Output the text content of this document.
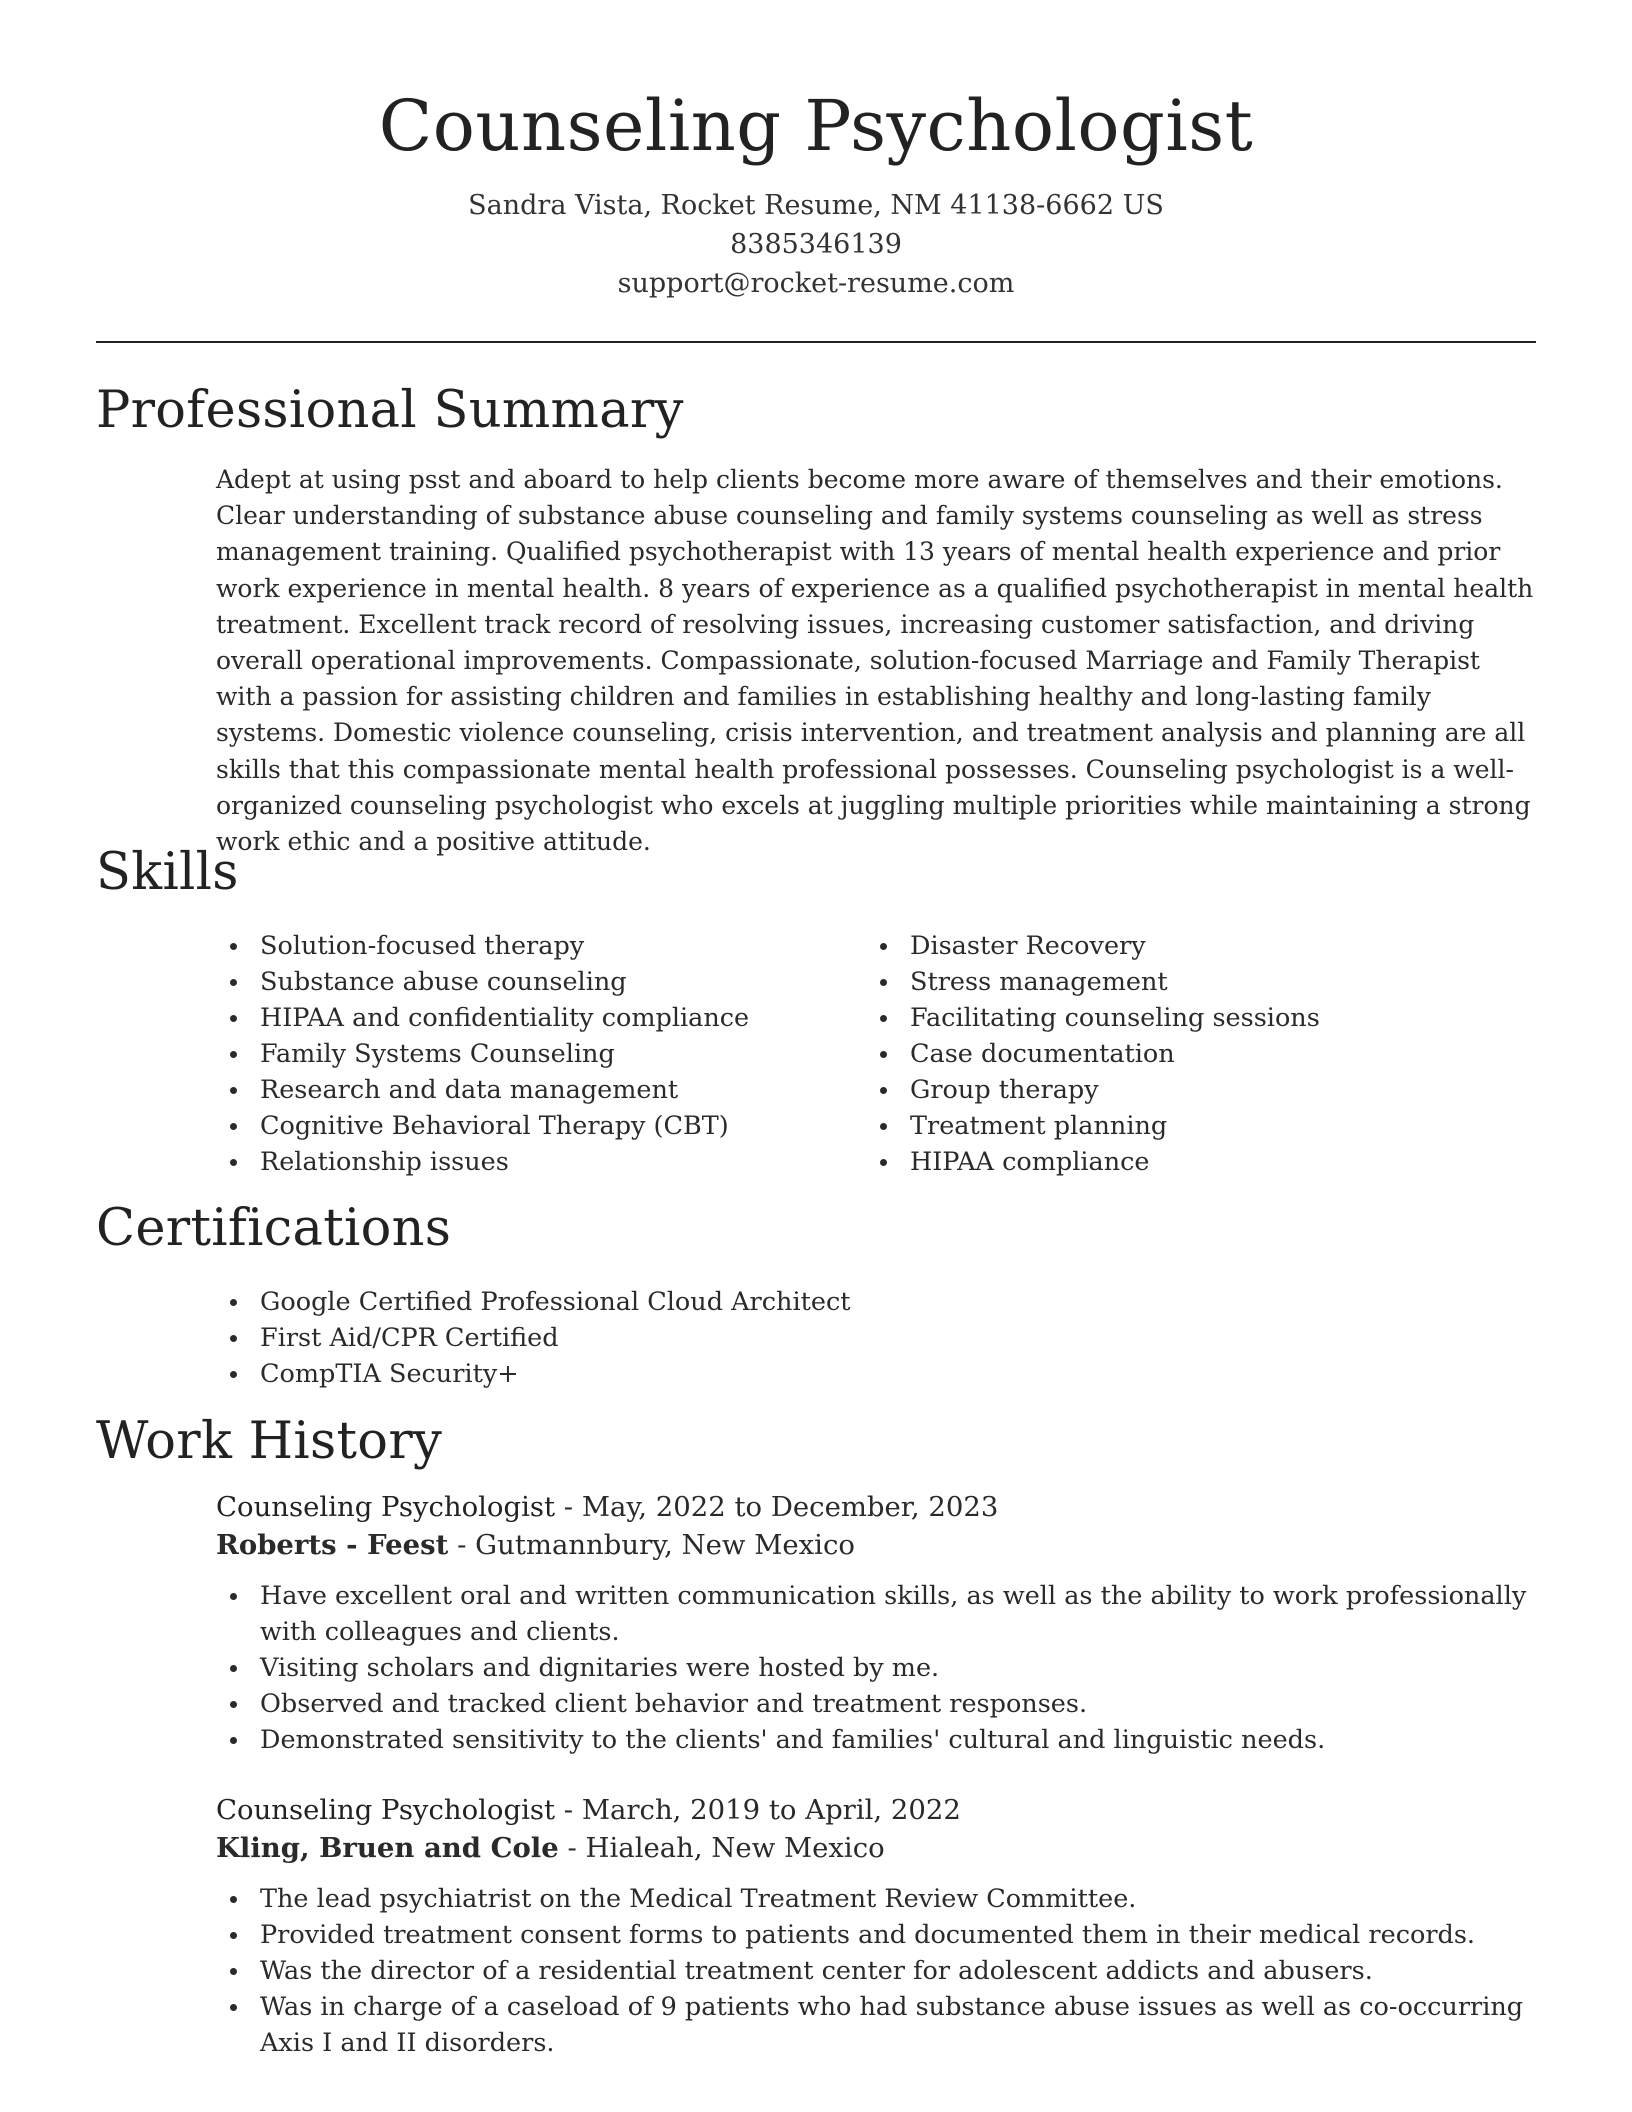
Counseling Psychologist
Sandra Vista, Rocket Resume, NM 41138-6662 US
8385346139
support@rocket-resume.com
Professional Summary

Adept at using psst and aboard to help clients become more aware of themselves and their emotions. Clear understanding of substance abuse counseling and family systems counseling as well as stress management training. Qualified psychotherapist with 13 years of mental health experience and prior work experience in mental health. 8 years of experience as a qualified psychotherapist in mental health treatment. Excellent track record of resolving issues, increasing customer satisfaction, and driving overall operational improvements. Compassionate, solution-focused Marriage and Family Therapist with a passion for assisting children and families in establishing healthy and long-lasting family systems. Domestic violence counseling, crisis intervention, and treatment analysis and planning are all skills that this compassionate mental health professional possesses. Counseling psychologist is a well-organized counseling psychologist who excels at juggling multiple priorities while maintaining a strong work ethic and a positive attitude.

Skills
Solution-focused therapy
Substance abuse counseling
HIPAA and confidentiality compliance
Family Systems Counseling
Research and data management
Cognitive Behavioral Therapy (CBT)
Relationship issues
Disaster Recovery
Stress management
Facilitating counseling sessions
Case documentation
Group therapy
Treatment planning
HIPAA compliance
Certifications
Google Certified Professional Cloud Architect
First Aid/CPR Certified
CompTIA Security+
Work History
Counseling Psychologist - May, 2022 to December, 2023
Roberts - Feest - Gutmannbury, New Mexico
Have excellent oral and written communication skills, as well as the ability to work professionally with colleagues and clients.
Visiting scholars and dignitaries were hosted by me.
Observed and tracked client behavior and treatment responses.
Demonstrated sensitivity to the clients' and families' cultural and linguistic needs.
Counseling Psychologist - March, 2019 to April, 2022
Kling, Bruen and Cole - Hialeah, New Mexico
The lead psychiatrist on the Medical Treatment Review Committee.
Provided treatment consent forms to patients and documented them in their medical records.
Was the director of a residential treatment center for adolescent addicts and abusers.
Was in charge of a caseload of 9 patients who had substance abuse issues as well as co-occurring Axis I and II disorders.
